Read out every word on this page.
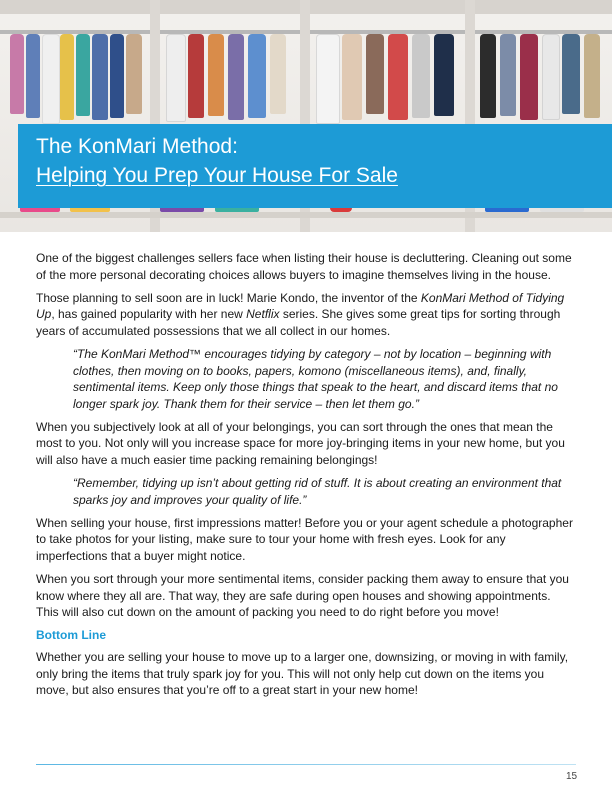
The KonMari Method:
Helping You Prep Your House For Sale

One of the biggest challenges sellers face when listing their house is decluttering. Cleaning out some of the more personal decorating choices allows buyers to imagine themselves living in the house.

Those planning to sell soon are in luck! Marie Kondo, the inventor of the KonMari Method of Tidying Up, has gained popularity with her new Netflix series. She gives some great tips for sorting through years of accumulated possessions that we all collect in our homes.

“The KonMari Method™ encourages tidying by category – not by location – beginning with clothes, then moving on to books, papers, komono (miscellaneous items), and, finally, sentimental items. Keep only those things that speak to the heart, and discard items that no longer spark joy. Thank them for their service – then let them go.”

When you subjectively look at all of your belongings, you can sort through the ones that mean the most to you. Not only will you increase space for more joy-bringing items in your new home, but you will also have a much easier time packing remaining belongings!

“Remember, tidying up isn’t about getting rid of stuff. It is about creating an environment that sparks joy and improves your quality of life.”

When selling your house, first impressions matter! Before you or your agent schedule a photographer to take photos for your listing, make sure to tour your home with fresh eyes. Look for any imperfections that a buyer might notice.

When you sort through your more sentimental items, consider packing them away to ensure that you know where they all are. That way, they are safe during open houses and showing appointments. This will also cut down on the amount of packing you need to do right before you move!

Bottom Line

Whether you are selling your house to move up to a larger one, downsizing, or moving in with family, only bring the items that truly spark joy for you. This will not only help cut down on the items you move, but also ensures that you’re off to a great start in your new home!

15
